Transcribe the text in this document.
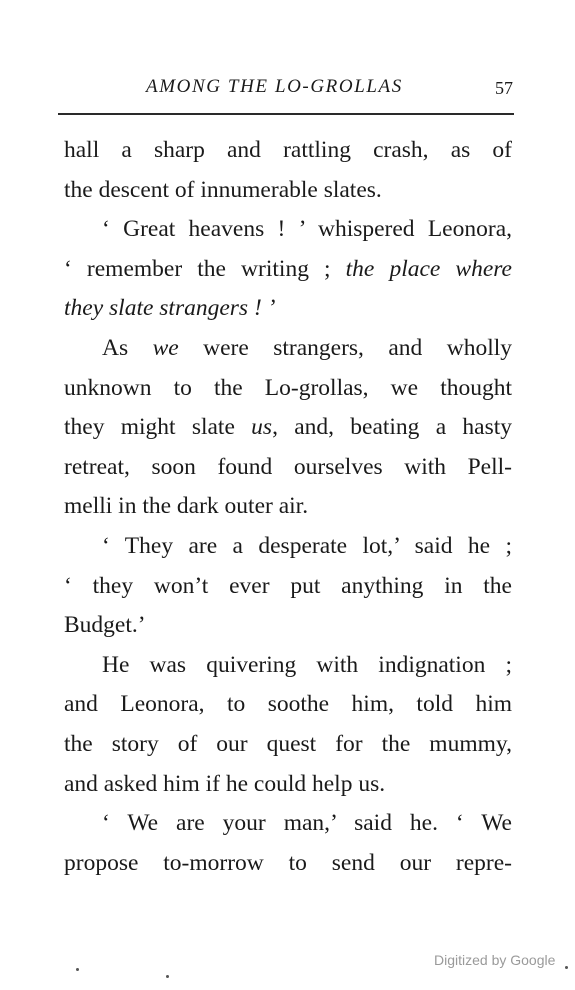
AMONG THE LO-GROLLAS	57
hall a sharp and rattling crash, as of
the descent of innumerable slates.
‘ Great heavens ! ’ whispered Leonora,
‘ remember the writing ; the place where
they slate strangers ! ’
As we were strangers, and wholly
unknown to the Lo-grollas, we thought
they might slate us, and, beating a hasty
retreat, soon found ourselves with Pell-
melli in the dark outer air.
‘ They are a desperate lot,’ said he ;
‘ they won’t ever put anything in the
Budget.’
He was quivering with indignation ;
and Leonora, to soothe him, told him
the story of our quest for the mummy,
and asked him if he could help us.
‘ We are your man,’ said he. ‘ We
propose to-morrow to send our repre-
Digitized by Google
